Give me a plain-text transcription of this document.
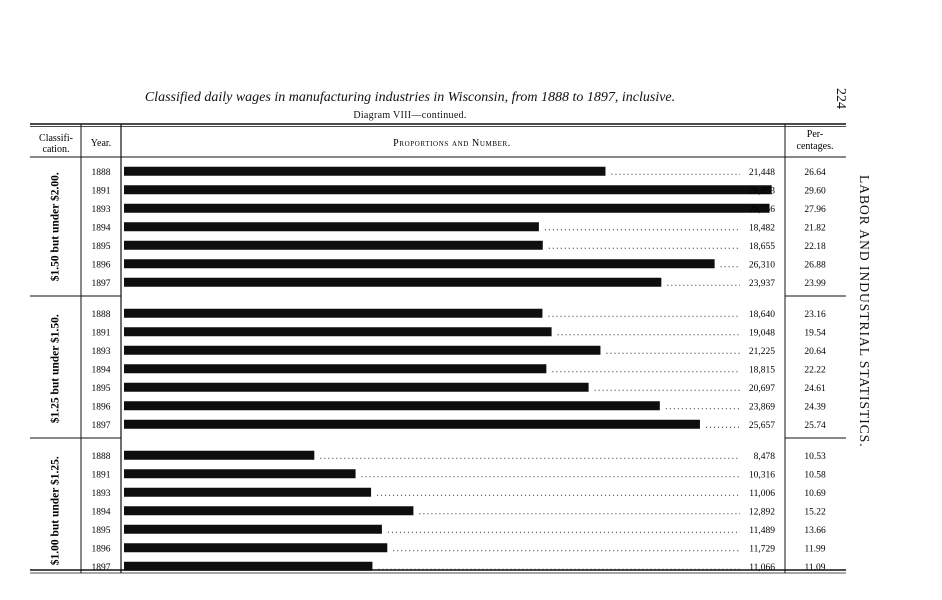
Classified daily wages in manufacturing industries in Wisconsin, from 1888 to 1897, inclusive.
Diagram VIII—continued.
224
LABOR AND INDUSTRIAL STATISTICS.
Classifi-
cation.
Year.	Proportions and Number.
Per-
centages.
$1.50 but under $2.00.	1888	21,448	26.64
1891	28,853	29.60
1893	28,756	27.96
1894	18,482	21.82
1895	18,655	22.18
1896	26,310	26.88
1897	23,937	23.99
$1.25 but under $1.50.	1888	18,640	23.16
1891	19,048	19.54
1893	21,225	20.64
1894	18,815	22.22
1895	20,697	24.61
1896	23,869	24.39
1897	25,657	25.74
$1.00 but under $1.25.	1888	8,478	10.53
1891	10,316	10.58
1893	11,006	10.69
1894	12,892	15.22
1895	11,489	13.66
1896	11,729	11.99
1897	11,066	11.09
